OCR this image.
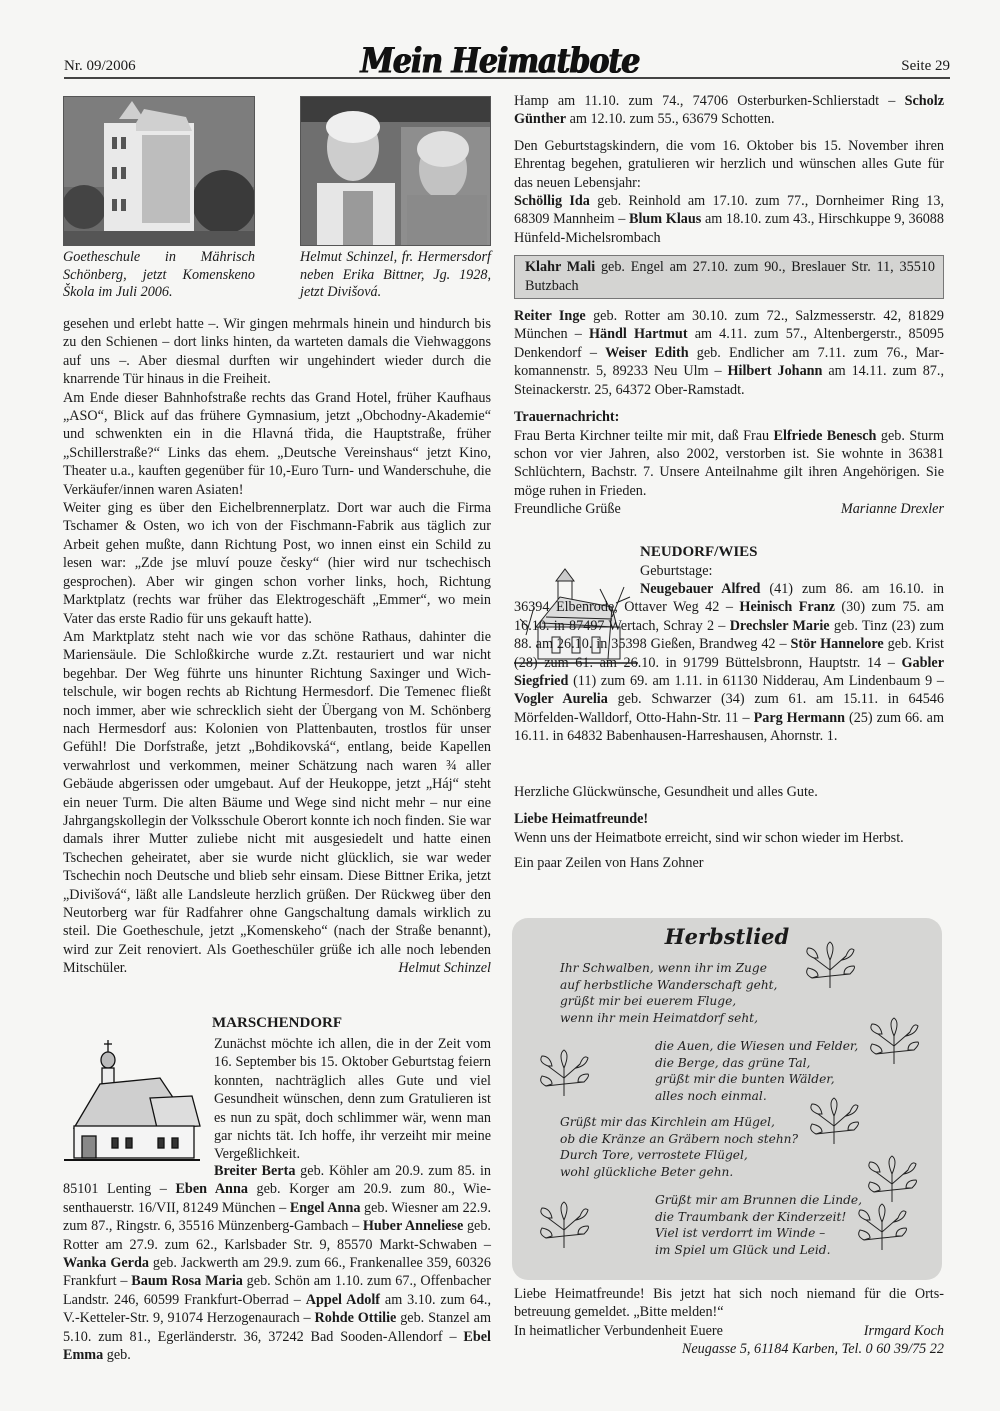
Nr. 09/2006	Mein Heimatbote	Seite 29
Goetheschule in Mährisch Schönberg, jetzt Komenskeno Škola im Juli 2006.
Helmut Schinzel, fr. Hermersdorf neben Erika Bittner, Jg. 1928, jetzt Divišová.

gesehen und erlebt hatte –. Wir gingen mehrmals hinein und hindurch bis zu den Schienen – dort links hinten, da warteten damals die Viehwaggons auf uns –. Aber diesmal durften wir ungehindert wieder durch die knarrende Tür hinaus in die Freiheit.

Am Ende dieser Bahnhofstraße rechts das Grand Hotel, früher Kaufhaus „ASO“, Blick auf das frühere Gymnasium, jetzt „Obchodny-Akademie“ und schwenkten ein in die Hlavná třida, die Hauptstraße, früher „Schillerstraße?“ Links das ehem. „Deutsche Vereinshaus“ jetzt Kino, Theater u.a., kauften gegenüber für 10,-Euro Turn- und Wanderschuhe, die Verkäufer/innen waren Asiaten!

Weiter ging es über den Eichelbrennerplatz. Dort war auch die Firma Tschamer & Osten, wo ich von der Fischmann-Fabrik aus täglich zur Arbeit gehen mußte, dann Richtung Post, wo innen einst ein Schild zu lesen war: „Zde jse mluví pouze česky“ (hier wird nur tschechisch gesprochen). Aber wir gingen schon vorher links, hoch, Richtung Marktplatz (rechts war früher das Elektrogeschäft „Emmer“, wo mein Vater das erste Radio für uns gekauft hatte).

Am Marktplatz steht nach wie vor das schöne Rathaus, dahinter die Mariensäule. Die Schloßkirche wurde z.Zt. restauriert und war nicht begehbar. Der Weg führte uns hinunter Richtung Saxinger und Wichtelschule, wir bogen rechts ab Richtung Hermesdorf. Die Temenec fließt noch immer, aber wie schrecklich sieht der Übergang von M. Schönberg nach Hermesdorf aus: Kolonien von Plattenbauten, trostlos für unser Gefühl! Die Dorfstraße, jetzt „Bohdikovská“, entlang, beide Kapellen verwahrlost und verkommen, meiner Schätzung nach waren ¾ aller Gebäude abgerissen oder umgebaut. Auf der Heukoppe, jetzt „Háj“ steht ein neuer Turm. Die alten Bäume und Wege sind nicht mehr – nur eine Jahrgangskollegin der Volksschule Oberort konnte ich noch finden. Sie war damals ihrer Mutter zuliebe nicht mit ausgesiedelt und hatte einen Tschechen geheiratet, aber sie wurde nicht glücklich, sie war weder Tschechin noch Deutsche und blieb sehr einsam. Diese Bittner Erika, jetzt „Divišová“, läßt alle Landsleute herzlich grüßen. Der Rückweg über den Neutorberg war für Radfahrer ohne Gangschaltung damals wirklich zu steil. Die Goetheschule, jetzt „Komenskeho“ (nach der Straße benannt), wird zur Zeit renoviert. Als Goetheschüler grüße ich alle noch lebenden Mitschüler.	Helmut Schinzel
MARSCHENDORF

Zunächst möchte ich allen, die in der Zeit vom 16. September bis 15. Oktober Geburtstag feiern konnten, nachträglich alles Gute und viel Gesundheit wünschen, denn zum Gratulieren ist es nun zu spät, doch schlimmer wär, wenn man gar nichts tät. Ich hoffe, ihr verzeiht mir meine Vergeßlichkeit.

Breiter Berta geb. Köhler am 20.9. zum 85. in 85101 Lenting – Eben Anna geb. Korger am 20.9. zum 80., Wiesenthauerstr. 16/VII, 81249 München – Engel Anna geb. Wiesner am 22.9. zum 87., Ringstr. 6, 35516 Münzenberg-Gambach – Huber Anneliese geb. Rotter am 27.9. zum 62., Karlsbader Str. 9, 85570 Markt-Schwaben – Wanka Gerda geb. Jackwerth am 29.9. zum 66., Frankenallee 359, 60326 Frankfurt – Baum Rosa Maria geb. Schön am 1.10. zum 67., Offenbacher Landstr. 246, 60599 Frankfurt-Oberrad – Appel Adolf am 3.10. zum 64., V.-Ketteler-Str. 9, 91074 Herzogenaurach – Rohde Ottilie geb. Stanzel am 5.10. zum 81., Egerländerstr. 36, 37242 Bad Sooden-Allendorf – Ebel Emma geb.

Hamp am 11.10. zum 74., 74706 Osterburken-Schlierstadt – Scholz Günther am 12.10. zum 55., 63679 Schotten.

Den Geburtstagskindern, die vom 16. Oktober bis 15. November ihren Ehrentag begehen, gratulieren wir herzlich und wünschen alles Gute für das neuen Lebensjahr:

Schöllig Ida geb. Reinhold am 17.10. zum 77., Dornheimer Ring 13, 68309 Mannheim – Blum Klaus am 18.10. zum 43., Hirschkuppe 9, 36088 Hünfeld-Michelsrombach

Klahr Mali geb. Engel am 27.10. zum 90., Breslauer Str. 11, 35510 Butzbach

Reiter Inge geb. Rotter am 30.10. zum 72., Salzmesserstr. 42, 81829 München – Händl Hartmut am 4.11. zum 57., Altenbergerstr., 85095 Denkendorf – Weiser Edith geb. Endlicher am 7.11. zum 76., Markomannenstr. 5, 89233 Neu Ulm – Hilbert Johann am 14.11. zum 87., Steinackerstr. 25, 64372 Ober-Ramstadt.

Trauernachricht:

Frau Berta Kirchner teilte mir mit, daß Frau Elfriede Benesch geb. Sturm schon vor vier Jahren, also 2002, verstorben ist. Sie wohnte in 36381 Schlüchtern, Bachstr. 7. Unsere Anteilnahme gilt ihren Angehörigen. Sie möge ruhen in Frieden.

Freundliche Grüße	Marianne Drexler
NEUDORF/WIES

Geburtstage:

Neugebauer Alfred (41) zum 86. am 16.10. in 36394 Elbenrode, Ottaver Weg 42 – Heinisch Franz (30) zum 75. am 16.10. in 87497 Wertach, Schray 2 – Drechsler Marie geb. Tinz (23) zum 88. am 26.10. in 35398 Gießen, Brandweg 42 – Stör Hannelore geb. Krist (28) zum 61. am 26.10. in 91799 Büttelsbronn, Hauptstr. 14 – Gabler Siegfried (11) zum 69. am 1.11. in 61130 Nidderau, Am Lindenbaum 9 – Vogler Aurelia geb. Schwarzer (34) zum 61. am 15.11. in 64546 Mörfelden-Walldorf, Otto-Hahn-Str. 11 – Parg Hermann (25) zum 66. am 16.11. in 64832 Babenhausen-Harreshausen, Ahornstr. 1.

Herzliche Glückwünsche, Gesundheit und alles Gute.

Liebe Heimatfreunde!

Wenn uns der Heimatbote erreicht, sind wir schon wieder im Herbst.

Ein paar Zeilen von Hans Zohner

Herbstlied
Ihr Schwalben, wenn ihr im Zuge
auf herbstliche Wanderschaft geht,
grüßt mir bei euerem Fluge,
wenn ihr mein Heimatdorf seht,
die Auen, die Wiesen und Felder,
die Berge, das grüne Tal,
grüßt mir die bunten Wälder,
alles noch einmal.
Grüßt mir das Kirchlein am Hügel,
ob die Kränze an Gräbern noch stehn?
Durch Tore, verrostete Flügel,
wohl glückliche Beter gehn.
Grüßt mir am Brunnen die Linde,
die Traumbank der Kinderzeit!
Viel ist verdorrt im Winde –
im Spiel um Glück und Leid.

Liebe Heimatfreunde! Bis jetzt hat sich noch niemand für die Ortsbetreuung gemeldet. „Bitte melden!“

In heimatlicher Verbundenheit Euere	Irmgard Koch
Neugasse 5, 61184 Karben, Tel. 0 60 39/75 22
